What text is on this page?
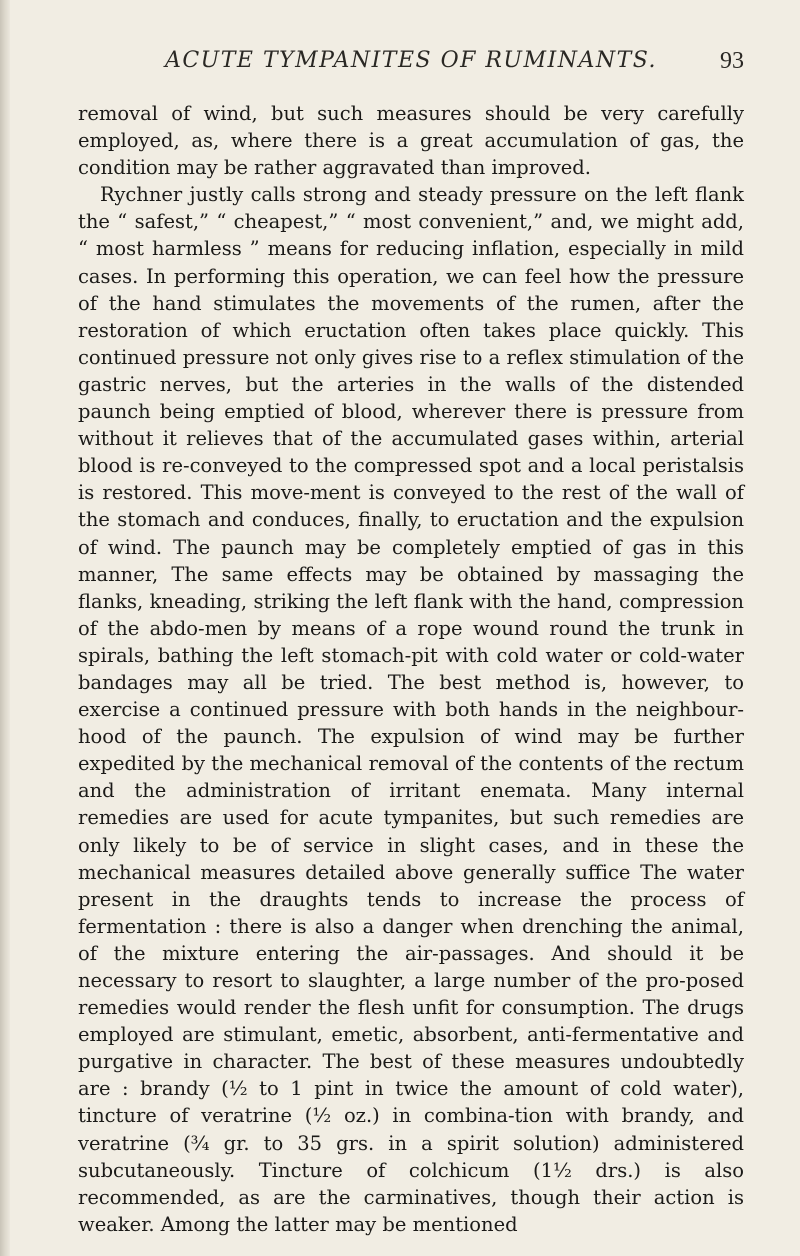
ACUTE TYMPANITES OF RUMINANTS.	93

removal of wind, but such measures should be very carefully employed, as, where there is a great accumulation of gas, the condition may be rather aggravated than improved.

Rychner justly calls strong and steady pressure on the left flank the “ safest,” “ cheapest,” “ most convenient,” and, we might add, “ most harmless ” means for reducing inflation, especially in mild cases. In performing this operation, we can feel how the pressure of the hand stimulates the movements of the rumen, after the restoration of which eructation often takes place quickly. This continued pressure not only gives rise to a reflex stimulation of the gastric nerves, but the arteries in the walls of the distended paunch being emptied of blood, wherever there is pressure from without it relieves that of the accumulated gases within, arterial blood is re-conveyed to the compressed spot and a local peristalsis is restored. This move-ment is conveyed to the rest of the wall of the stomach and conduces, finally, to eructation and the expulsion of wind. The paunch may be completely emptied of gas in this manner, The same effects may be obtained by massaging the flanks, kneading, striking the left flank with the hand, compression of the abdo-men by means of a rope wound round the trunk in spirals, bathing the left stomach-pit with cold water or cold-water bandages may all be tried. The best method is, however, to exercise a continued pressure with both hands in the neighbour-hood of the paunch. The expulsion of wind may be further expedited by the mechanical removal of the contents of the rectum and the administration of irritant enemata. Many internal remedies are used for acute tympanites, but such remedies are only likely to be of service in slight cases, and in these the mechanical measures detailed above generally suffice The water present in the draughts tends to increase the process of fermentation : there is also a danger when drenching the animal, of the mixture entering the air-passages. And should it be necessary to resort to slaughter, a large number of the pro-posed remedies would render the flesh unfit for consumption. The drugs employed are stimulant, emetic, absorbent, anti-fermentative and purgative in character. The best of these measures undoubtedly are : brandy (½ to 1 pint in twice the amount of cold water), tincture of veratrine (½ oz.) in combina-tion with brandy, and veratrine (¾ gr. to 35 grs. in a spirit solution) administered subcutaneously. Tincture of colchicum (1½ drs.) is also recommended, as are the carminatives, though their action is weaker. Among the latter may be mentioned
